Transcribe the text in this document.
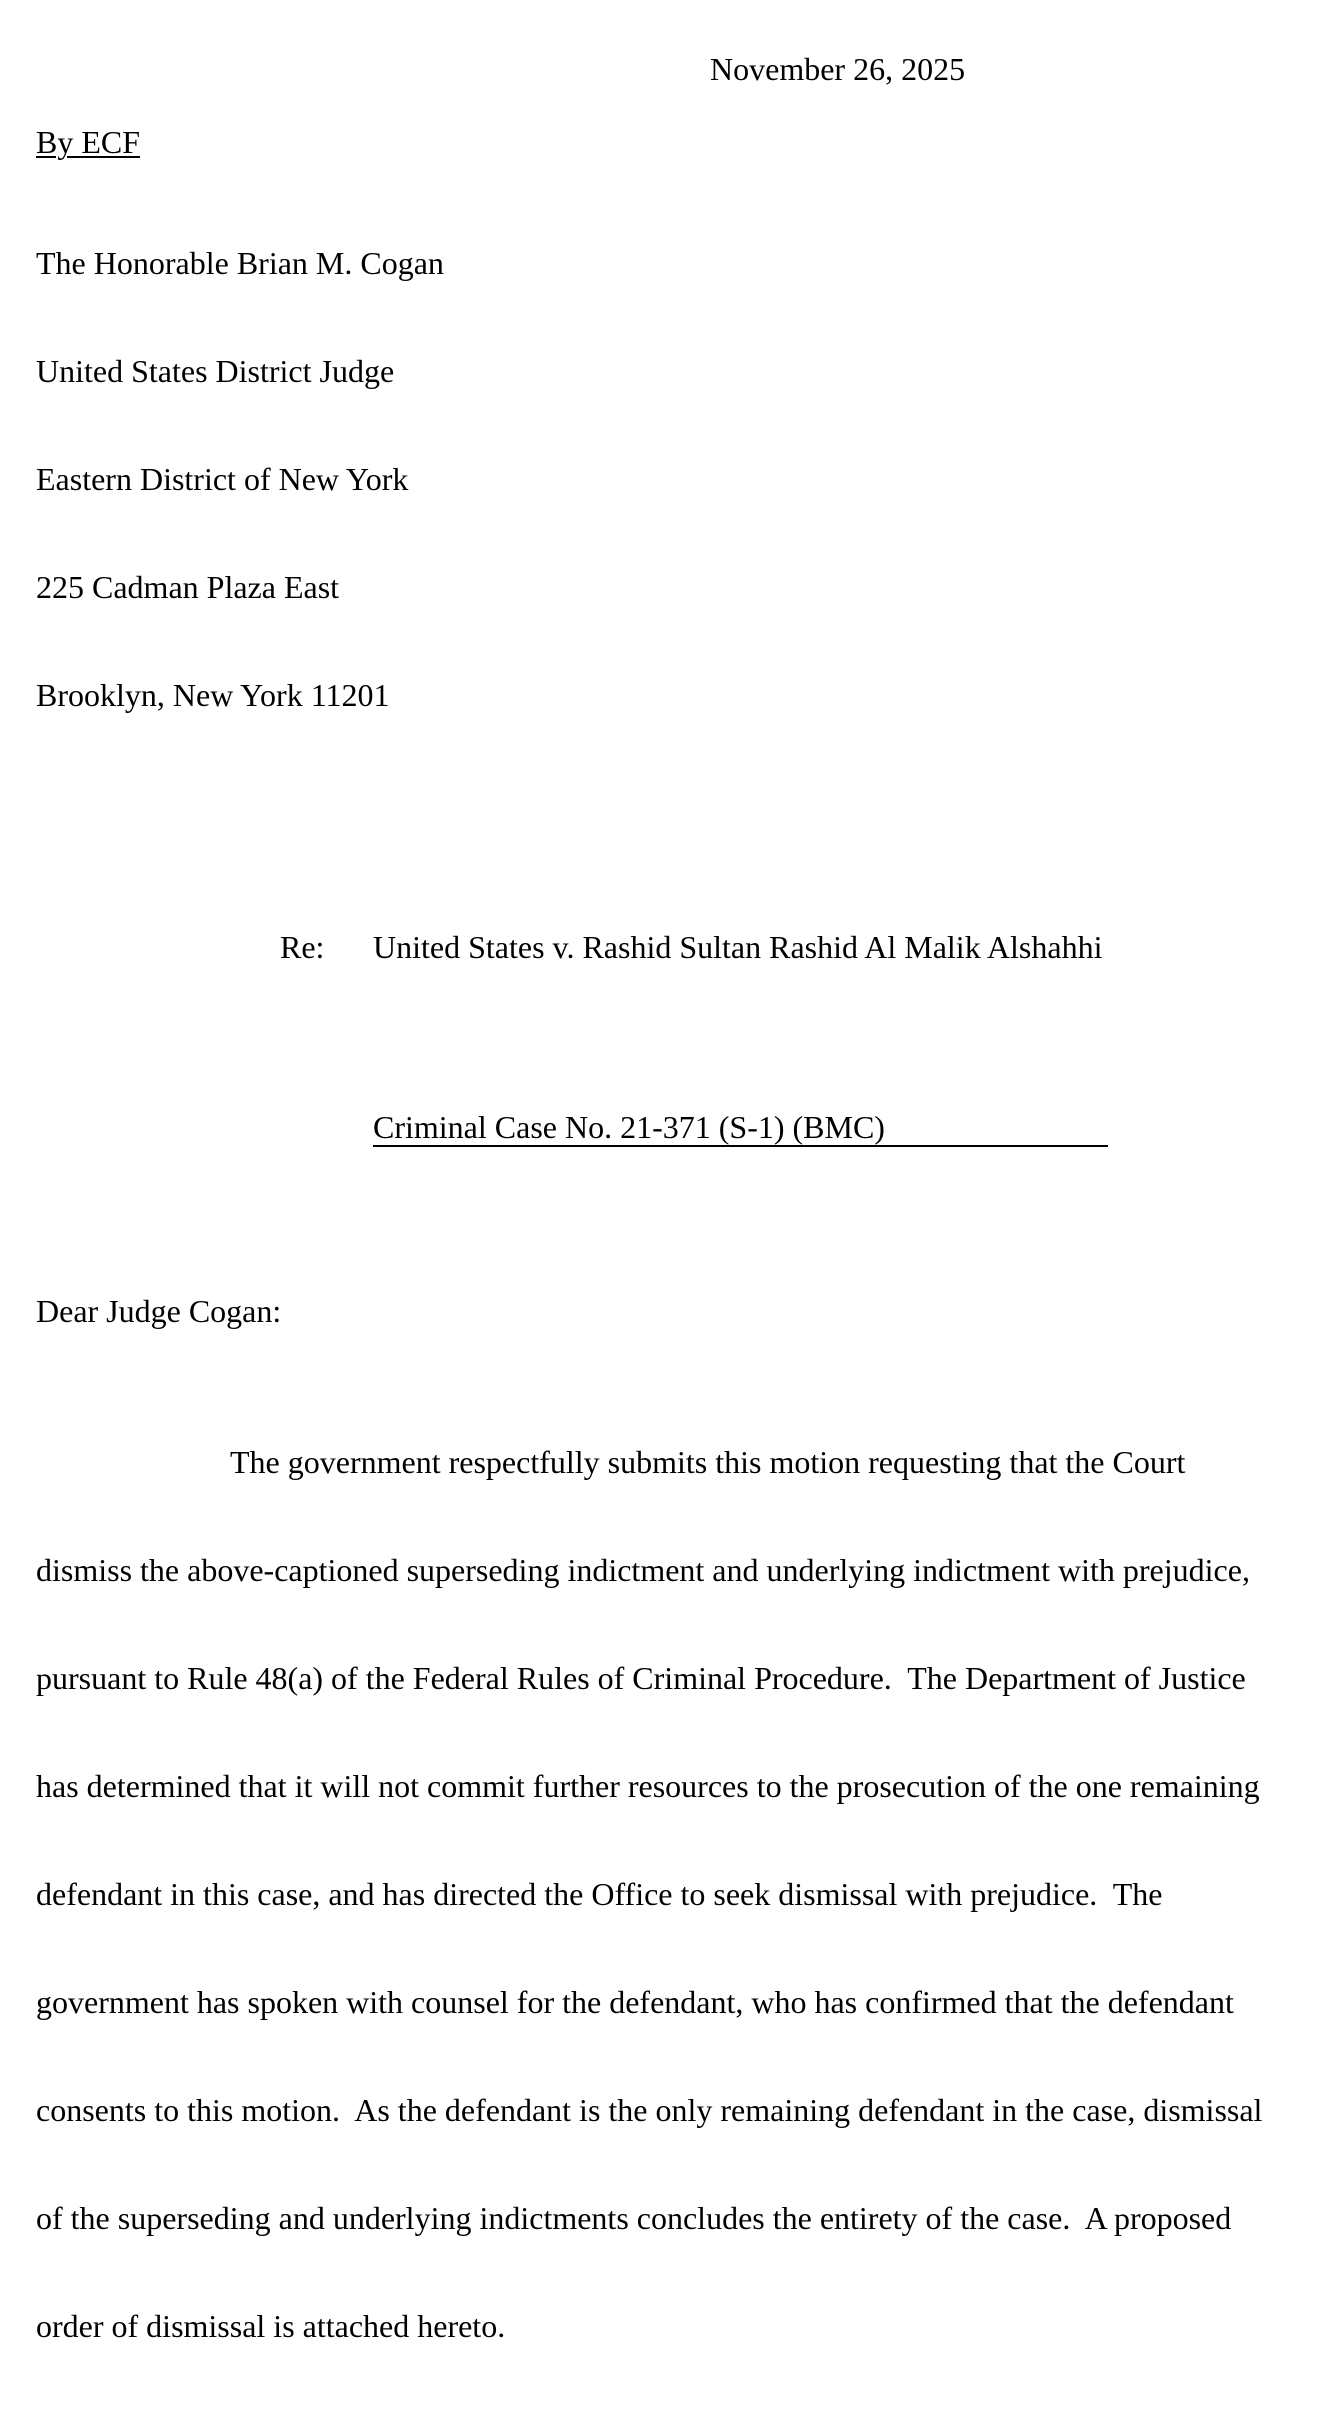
November 26, 2025
By ECF

The Honorable Brian M. Cogan

United States District Judge

Eastern District of New York

225 Cadman Plaza East

Brooklyn, New York 11201

Re: United States v. Rashid Sultan Rashid Al Malik Alshahhi

Criminal Case No. 21-371 (S-1) (BMC)

Dear Judge Cogan:

The government respectfully submits this motion requesting that the Court

dismiss the above-captioned superseding indictment and underlying indictment with prejudice,

pursuant to Rule 48(a) of the Federal Rules of Criminal Procedure.  The Department of Justice

has determined that it will not commit further resources to the prosecution of the one remaining

defendant in this case, and has directed the Office to seek dismissal with prejudice.  The

government has spoken with counsel for the defendant, who has confirmed that the defendant

consents to this motion.  As the defendant is the only remaining defendant in the case, dismissal

of the superseding and underlying indictments concludes the entirety of the case.  A proposed

order of dismissal is attached hereto.
